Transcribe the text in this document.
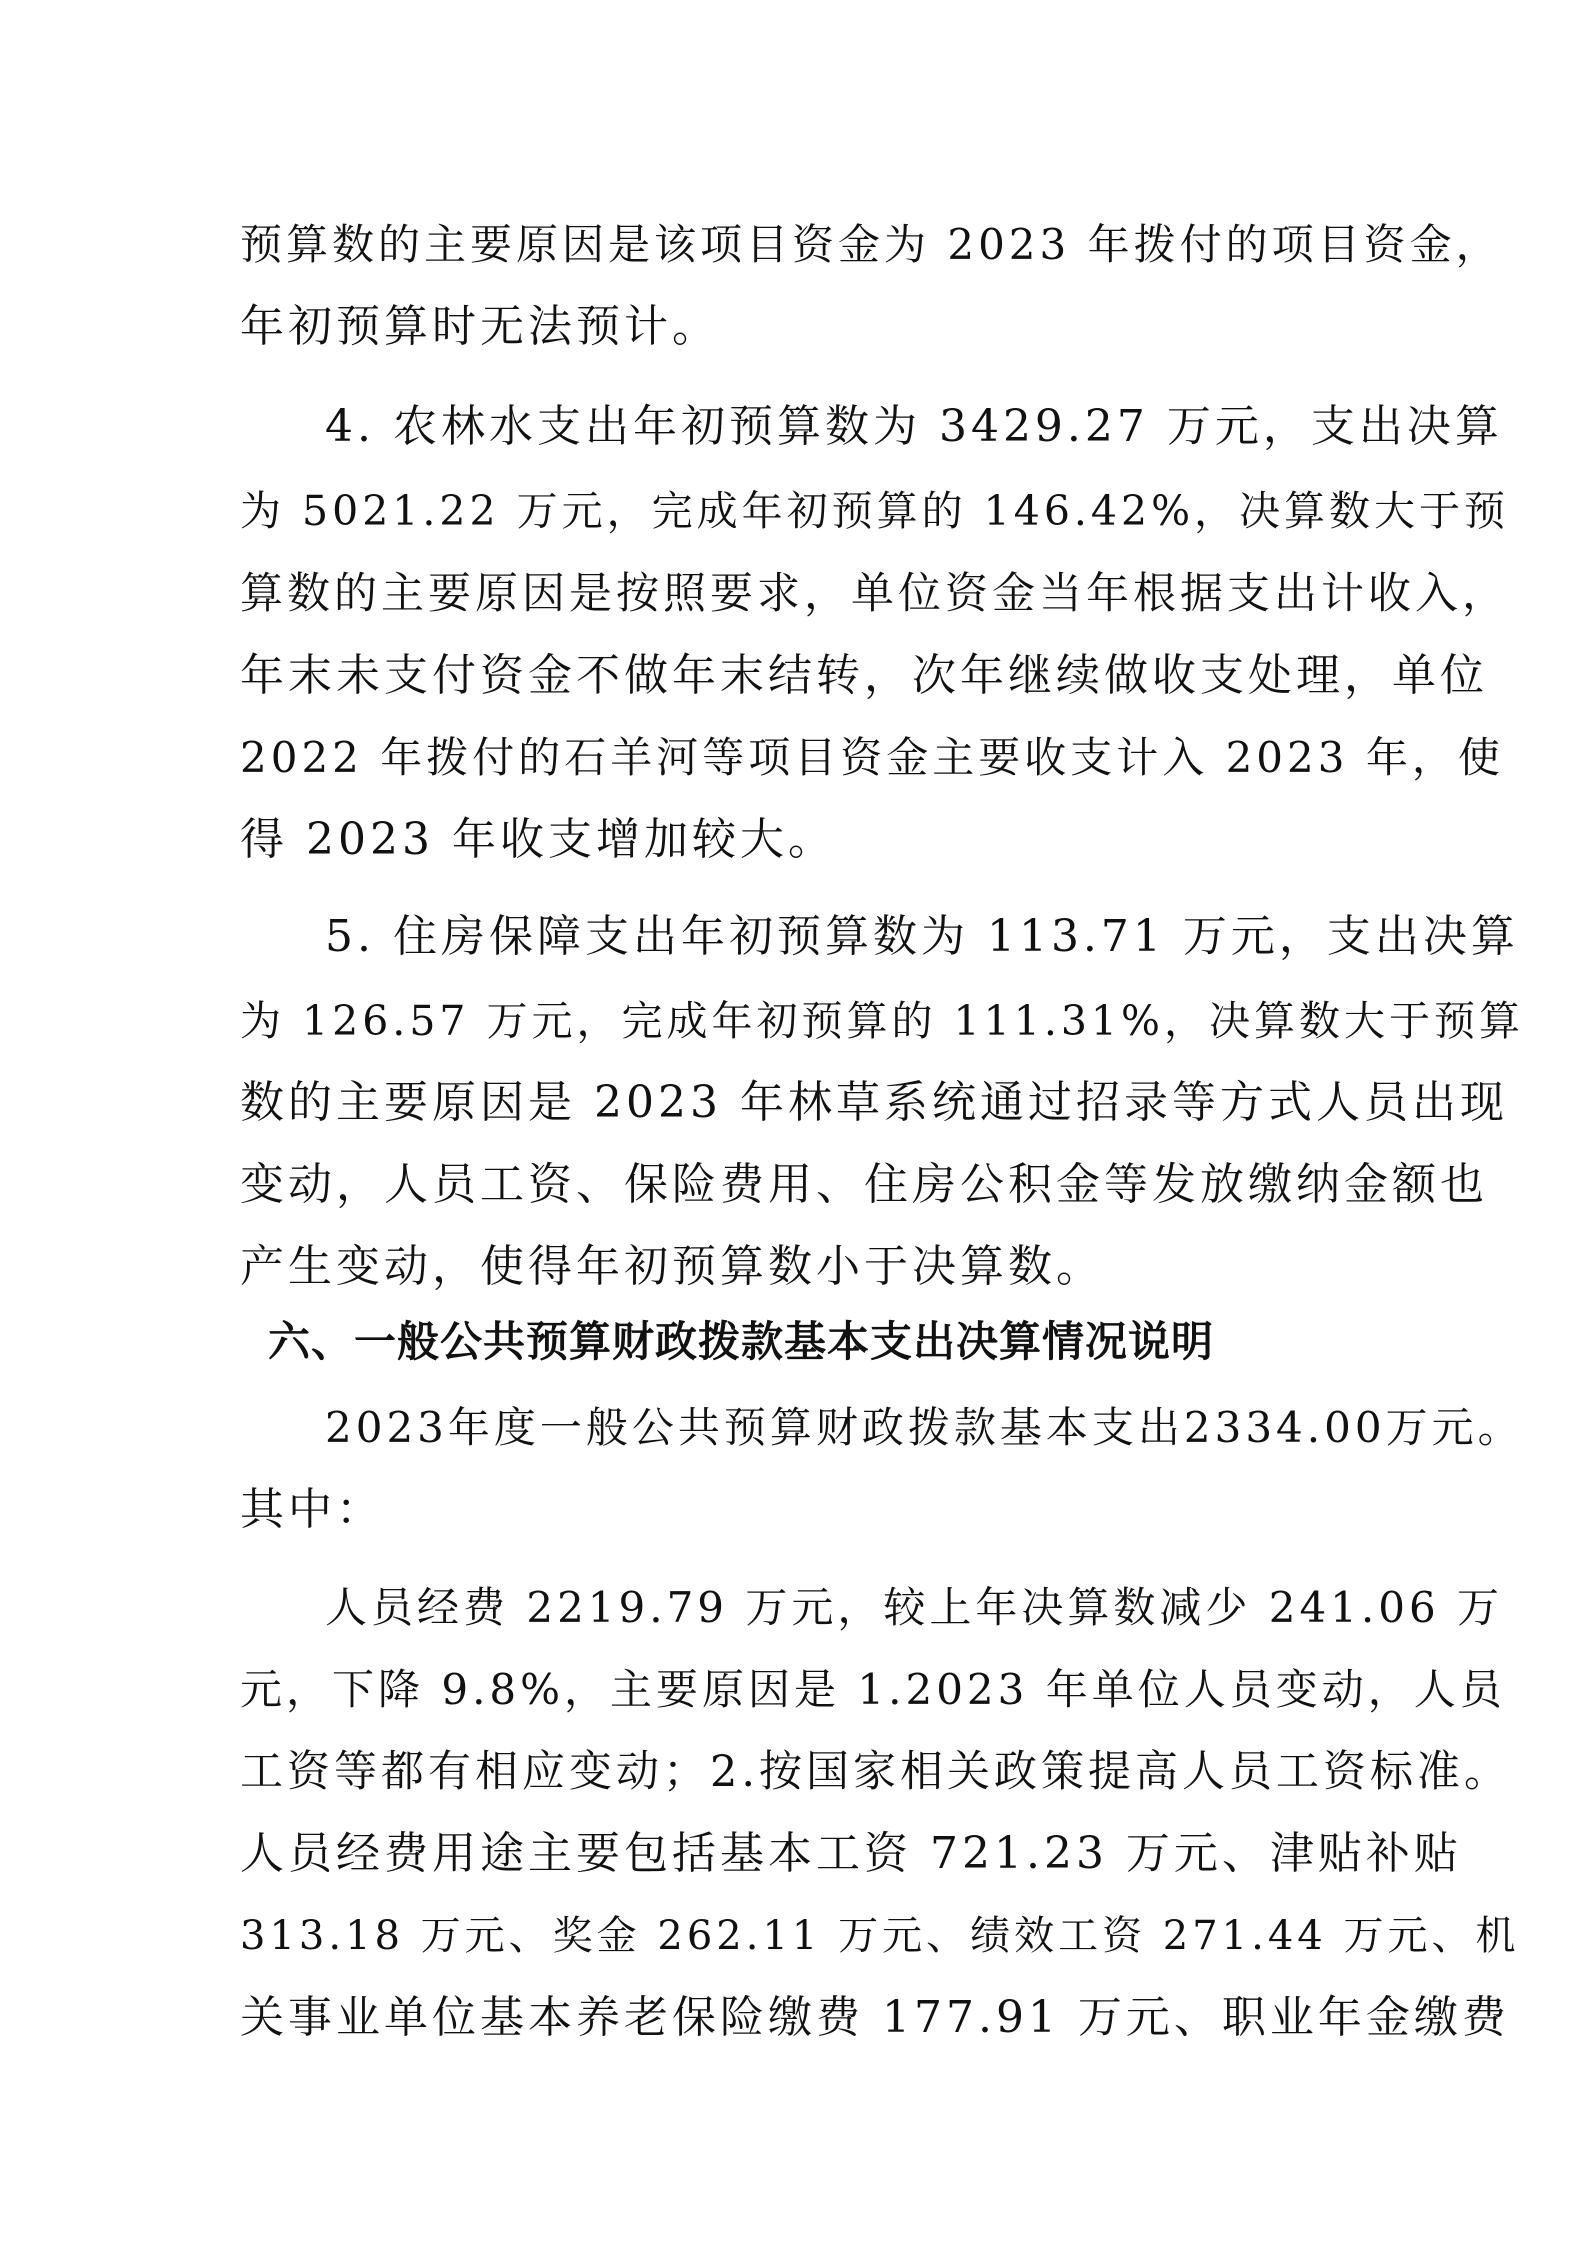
预算数的主要原因是该项目资金为 2023 年拨付的项目资金，
年初预算时无法预计。
4. 农林水支出年初预算数为 3429.27 万元，支出决算
为 5021.22 万元，完成年初预算的 146.42%，决算数大于预
算数的主要原因是按照要求，单位资金当年根据支出计收入，
年末未支付资金不做年末结转，次年继续做收支处理，单位
2022 年拨付的石羊河等项目资金主要收支计入 2023 年，使
得 2023 年收支增加较大。
5. 住房保障支出年初预算数为 113.71 万元，支出决算
为 126.57 万元，完成年初预算的 111.31%，决算数大于预算
数的主要原因是 2023 年林草系统通过招录等方式人员出现
变动，人员工资、保险费用、住房公积金等发放缴纳金额也
产生变动，使得年初预算数小于决算数。
六、一般公共预算财政拨款基本支出决算情况说明
2023年度一般公共预算财政拨款基本支出2334.00万元。
其中：
人员经费 2219.79 万元，较上年决算数减少 241.06 万
元，下降 9.8%，主要原因是 1.2023 年单位人员变动，人员
工资等都有相应变动；2.按国家相关政策提高人员工资标准。
人员经费用途主要包括基本工资 721.23 万元、津贴补贴
313.18 万元、奖金 262.11 万元、绩效工资 271.44 万元、机
关事业单位基本养老保险缴费 177.91 万元、职业年金缴费
